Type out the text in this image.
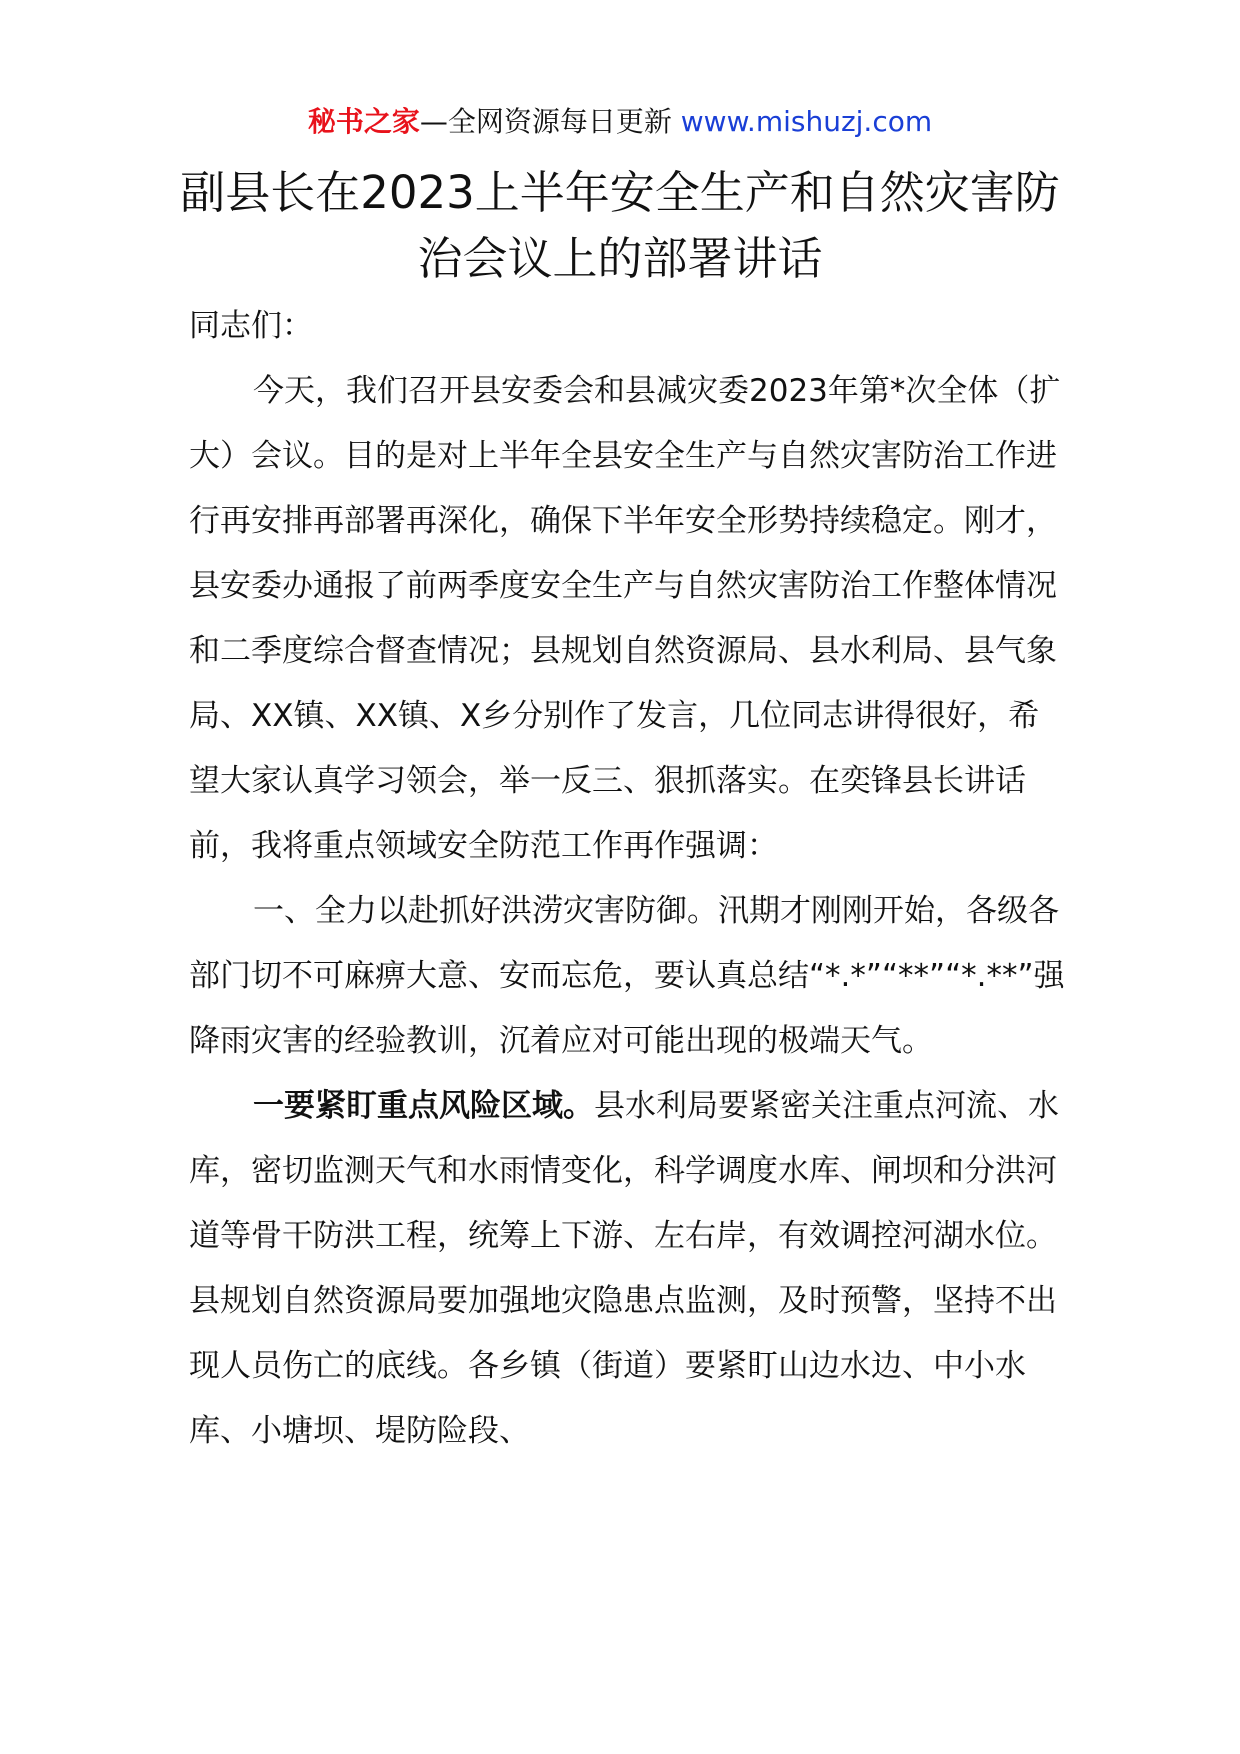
秘书之家—全网资源每日更新 www.mishuzj.com
副县长在2023上半年安全生产和自然灾害防治会议上的部署讲话

同志们：

今天，我们召开县安委会和县减灾委2023年第*次全体（扩大）会议。目的是对上半年全县安全生产与自然灾害防治工作进行再安排再部署再深化，确保下半年安全形势持续稳定。刚才，县安委办通报了前两季度安全生产与自然灾害防治工作整体情况和二季度综合督查情况；县规划自然资源局、县水利局、县气象局、XX镇、XX镇、X乡分别作了发言，几位同志讲得很好，希望大家认真学习领会，举一反三、狠抓落实。在奕锋县长讲话前，我将重点领域安全防范工作再作强调：

一、全力以赴抓好洪涝灾害防御。汛期才刚刚开始，各级各部门切不可麻痹大意、安而忘危，要认真总结“*.*”“**”“*.**”强降雨灾害的经验教训，沉着应对可能出现的极端天气。

一要紧盯重点风险区域。县水利局要紧密关注重点河流、水库，密切监测天气和水雨情变化，科学调度水库、闸坝和分洪河道等骨干防洪工程，统筹上下游、左右岸，有效调控河湖水位。县规划自然资源局要加强地灾隐患点监测，及时预警，坚持不出现人员伤亡的底线。各乡镇（街道）要紧盯山边水边、中小水库、小塘坝、堤防险段、
